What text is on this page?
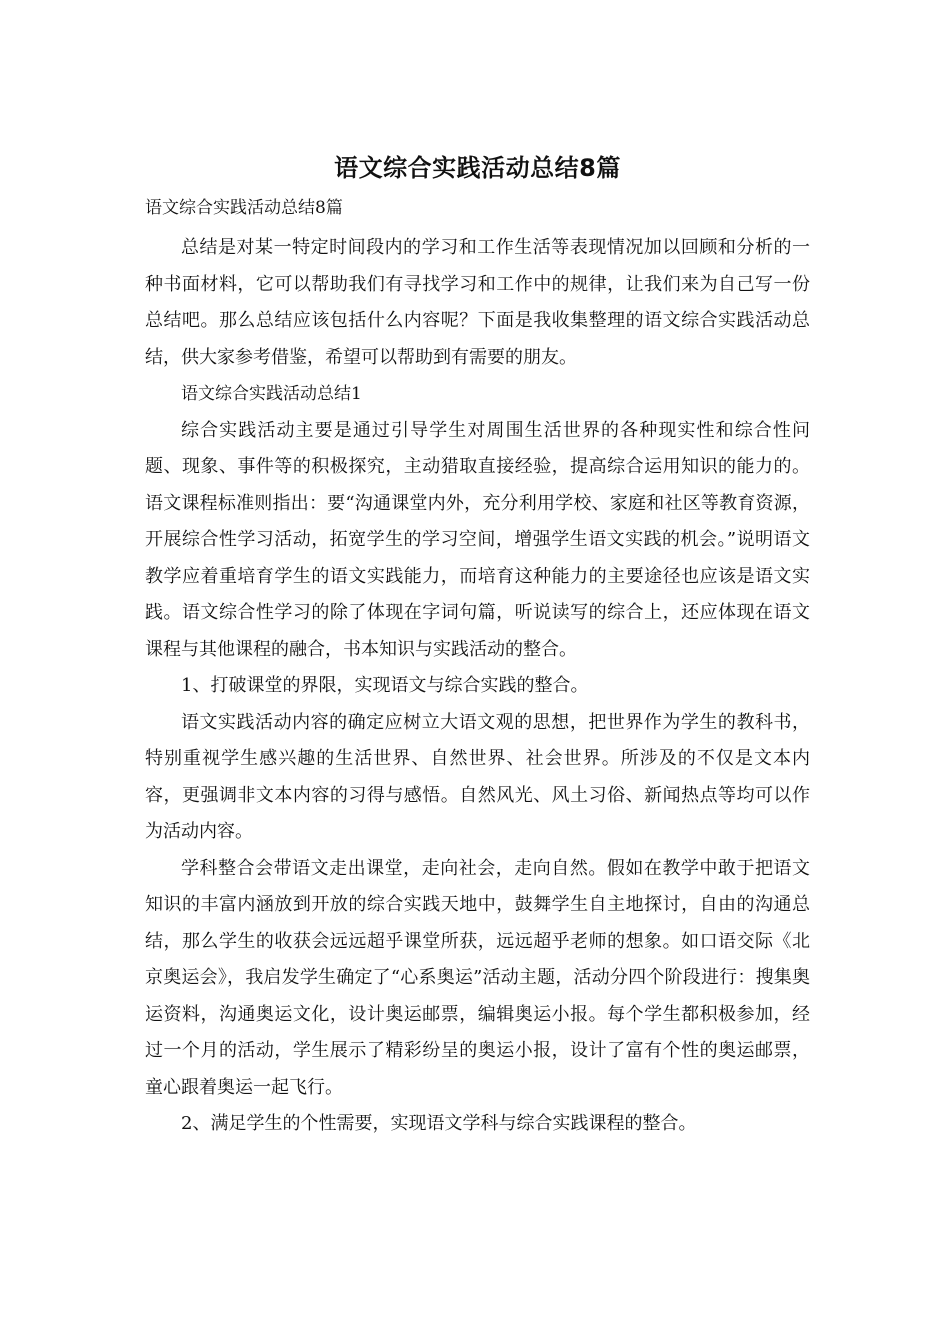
语文综合实践活动总结8篇
语文综合实践活动总结8篇

总结是对某一特定时间段内的学习和工作生活等表现情况加以回顾和分析的一种书面材料，它可以帮助我们有寻找学习和工作中的规律，让我们来为自己写一份总结吧。那么总结应该包括什么内容呢？下面是我收集整理的语文综合实践活动总结，供大家参考借鉴，希望可以帮助到有需要的朋友。

语文综合实践活动总结1

综合实践活动主要是通过引导学生对周围生活世界的各种现实性和综合性问题、现象、事件等的积极探究，主动猎取直接经验，提高综合运用知识的能力的。语文课程标准则指出：要“沟通课堂内外，充分利用学校、家庭和社区等教育资源，开展综合性学习活动，拓宽学生的学习空间，增强学生语文实践的机会。”说明语文教学应着重培育学生的语文实践能力，而培育这种能力的主要途径也应该是语文实践。语文综合性学习的除了体现在字词句篇，听说读写的综合上，还应体现在语文课程与其他课程的融合，书本知识与实践活动的整合。

1、打破课堂的界限，实现语文与综合实践的整合。

语文实践活动内容的确定应树立大语文观的思想，把世界作为学生的教科书，特别重视学生感兴趣的生活世界、自然世界、社会世界。所涉及的不仅是文本内容，更强调非文本内容的习得与感悟。自然风光、风土习俗、新闻热点等均可以作为活动内容。

学科整合会带语文走出课堂，走向社会，走向自然。假如在教学中敢于把语文知识的丰富内涵放到开放的综合实践天地中，鼓舞学生自主地探讨，自由的沟通总结，那么学生的收获会远远超乎课堂所获，远远超乎老师的想象。如口语交际《北京奥运会》，我启发学生确定了“心系奥运”活动主题，活动分四个阶段进行：搜集奥运资料，沟通奥运文化，设计奥运邮票，编辑奥运小报。每个学生都积极参加，经过一个月的活动，学生展示了精彩纷呈的奥运小报，设计了富有个性的奥运邮票，童心跟着奥运一起飞行。

2、满足学生的个性需要，实现语文学科与综合实践课程的整合。
